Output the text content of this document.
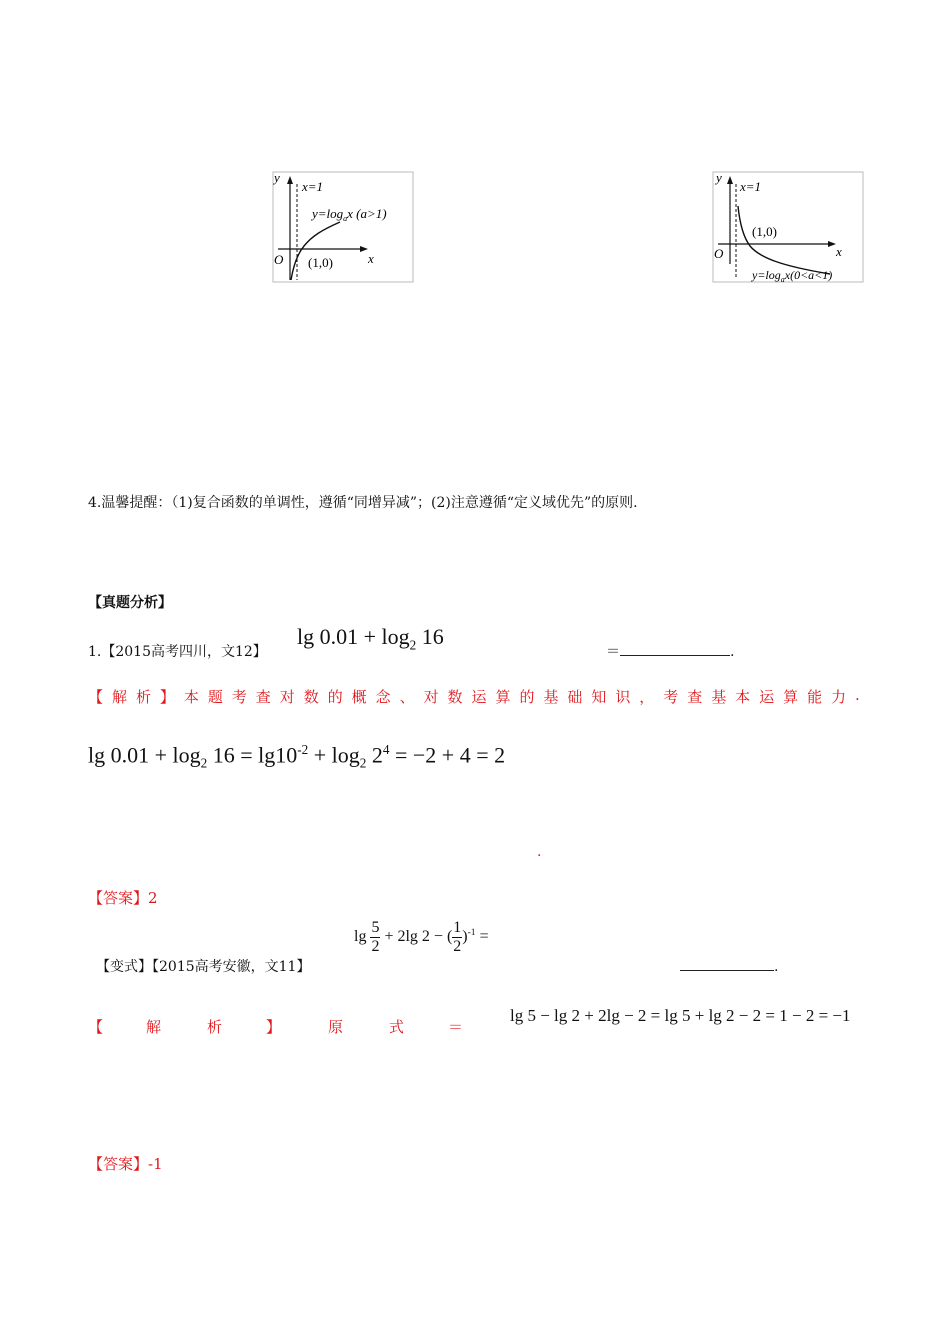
y
x=1
$y=\log_ax$ (a>1)
O (1,0)	x
y
x=1
(1,0)
O	x
$y=\log_ax(0<a<1)$
4.温馨提醒：（1)复合函数的单调性，遵循“同增异减”；(2)注意遵循“定义域优先”的原则.
【真题分析】
1.【2015高考四川，文12】
$\lg 0.01 + \log_2 16$
＝	.
【 解 析 】 本 题 考 查 对 数 的 概 念 、 对 数 运 算 的 基 础 知 识 ， 考 查 基 本 运 算 能 力 .
$\lg 0.01 + \log_2 16 = \lg 10^{-2} + \log_2 2^4 = -2 + 4 = 2$
.
【答案】2
【变式】【2015高考安徽，文11】
$\lg \frac{5}{2} + 2\lg$ 2 − ( $\frac{1}{2} )^{-1}$ =
.
【	解	析	】	原	式	＝
lg 5 − lg 2 + 2lg − 2 = lg 5 + lg 2 − 2 = 1 − 2 = −1
【答案】-1
